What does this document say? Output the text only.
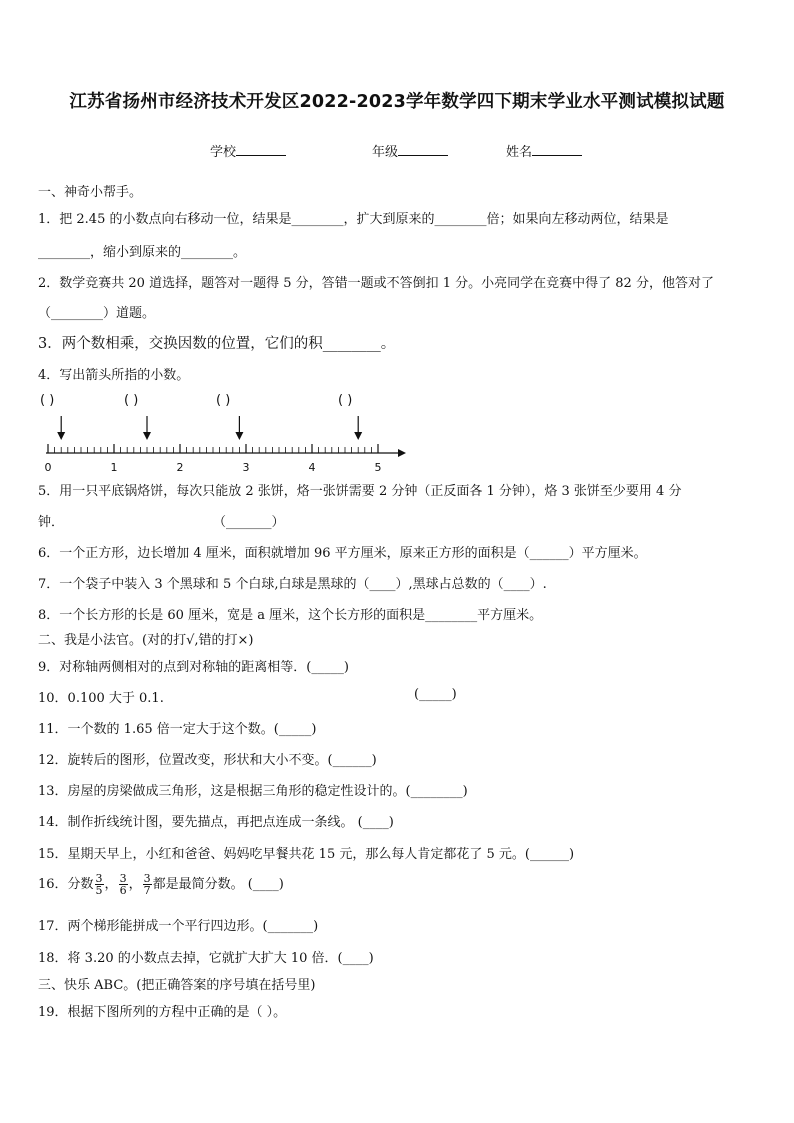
江苏省扬州市经济技术开发区2022-2023学年数学四下期末学业水平测试模拟试题
学校	年级	姓名
一、神奇小帮手。
1．把 2.45 的小数点向右移动一位，结果是________，扩大到原来的________倍；如果向左移动两位，结果是
________，缩小到原来的________。
2．数学竞赛共 20 道选择，题答对一题得 5 分，答错一题或不答倒扣 1 分。小亮同学在竞赛中得了 82 分，他答对了
（________）道题。
3．两个数相乘，交换因数的位置，它们的积________。
4．写出箭头所指的小数。
( )	( )	( )	( )
0	1	2	3	4	5
5．用一只平底锅烙饼，每次只能放 2 张饼，烙一张饼需要 2 分钟（正反面各 1 分钟），烙 3 张饼至少要用 4 分
钟．	（_______）
6．一个正方形，边长增加 4 厘米，面积就增加 96 平方厘米，原来正方形的面积是（______）平方厘米。
7．一个袋子中装入 3 个黑球和 5 个白球,白球是黑球的（____）,黑球占总数的（____）.
8．一个长方形的长是 60 厘米，宽是 a 厘米，这个长方形的面积是________平方厘米。
二、我是小法官。(对的打√,错的打×)
9．对称轴两侧相对的点到对称轴的距离相等．(_____)
10．0.100 大于 0.1.	(_____)
11．一个数的 1.65 倍一定大于这个数。(_____)
12．旋转后的图形，位置改变，形状和大小不变。(______)
13．房屋的房梁做成三角形，这是根据三角形的稳定性设计的。(________)
14．制作折线统计图，要先描点，再把点连成一条线。 (____)
15．星期天早上，小红和爸爸、妈妈吃早餐共花 15 元，那么每人肯定都花了 5 元。(______)
16．分数 $\frac{3}{5}$ ， $\frac{3}{6}$ ， $\frac{3}{7}$ 都是最简分数。 (____)
17．两个梯形能拼成一个平行四边形。(_______)
18．将 3.20 的小数点去掉，它就扩大扩大 10 倍．(____)
三、快乐 ABC。(把正确答案的序号填在括号里)
19．根据下图所列的方程中正确的是（ ）。
